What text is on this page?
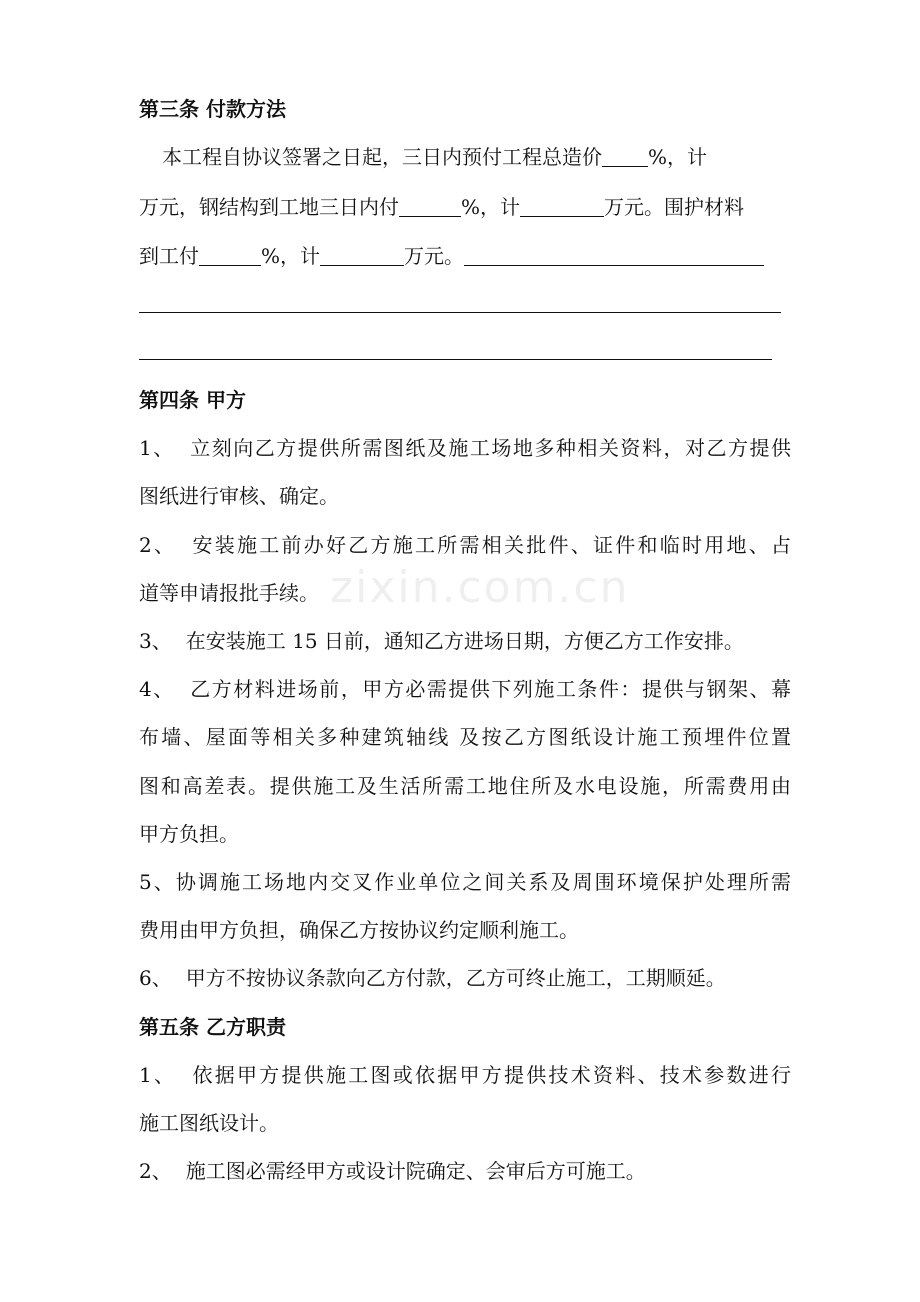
第三条 付款方法
本工程自协议签署之日起，三日内预付工程总造价 %，计
万元，钢结构到工地三日内付	%，计	万元。围护材料
到工付	%，计	万元。
第四条 甲方
1、 立刻向乙方提供所需图纸及施工场地多种相关资料，对乙方提供
图纸进行审核、确定。
2、 安装施工前办好乙方施工所需相关批件、证件和临时用地、占
道等申请报批手续。
3、 在安装施工 15 日前，通知乙方进场日期，方便乙方工作安排。
4、 乙方材料进场前，甲方必需提供下列施工条件：提供与钢架、幕
布墙、屋面等相关多种建筑轴线 及按乙方图纸设计施工预埋件位置
图和高差表。提供施工及生活所需工地住所及水电设施，所需费用由
甲方负担。
5、协调施工场地内交叉作业单位之间关系及周围环境保护处理所需
费用由甲方负担，确保乙方按协议约定顺利施工。
6、 甲方不按协议条款向乙方付款，乙方可终止施工，工期顺延。
第五条 乙方职责
1、 依据甲方提供施工图或依据甲方提供技术资料、技术参数进行
施工图纸设计。
2、 施工图必需经甲方或设计院确定、会审后方可施工。
zixin.com.cn
